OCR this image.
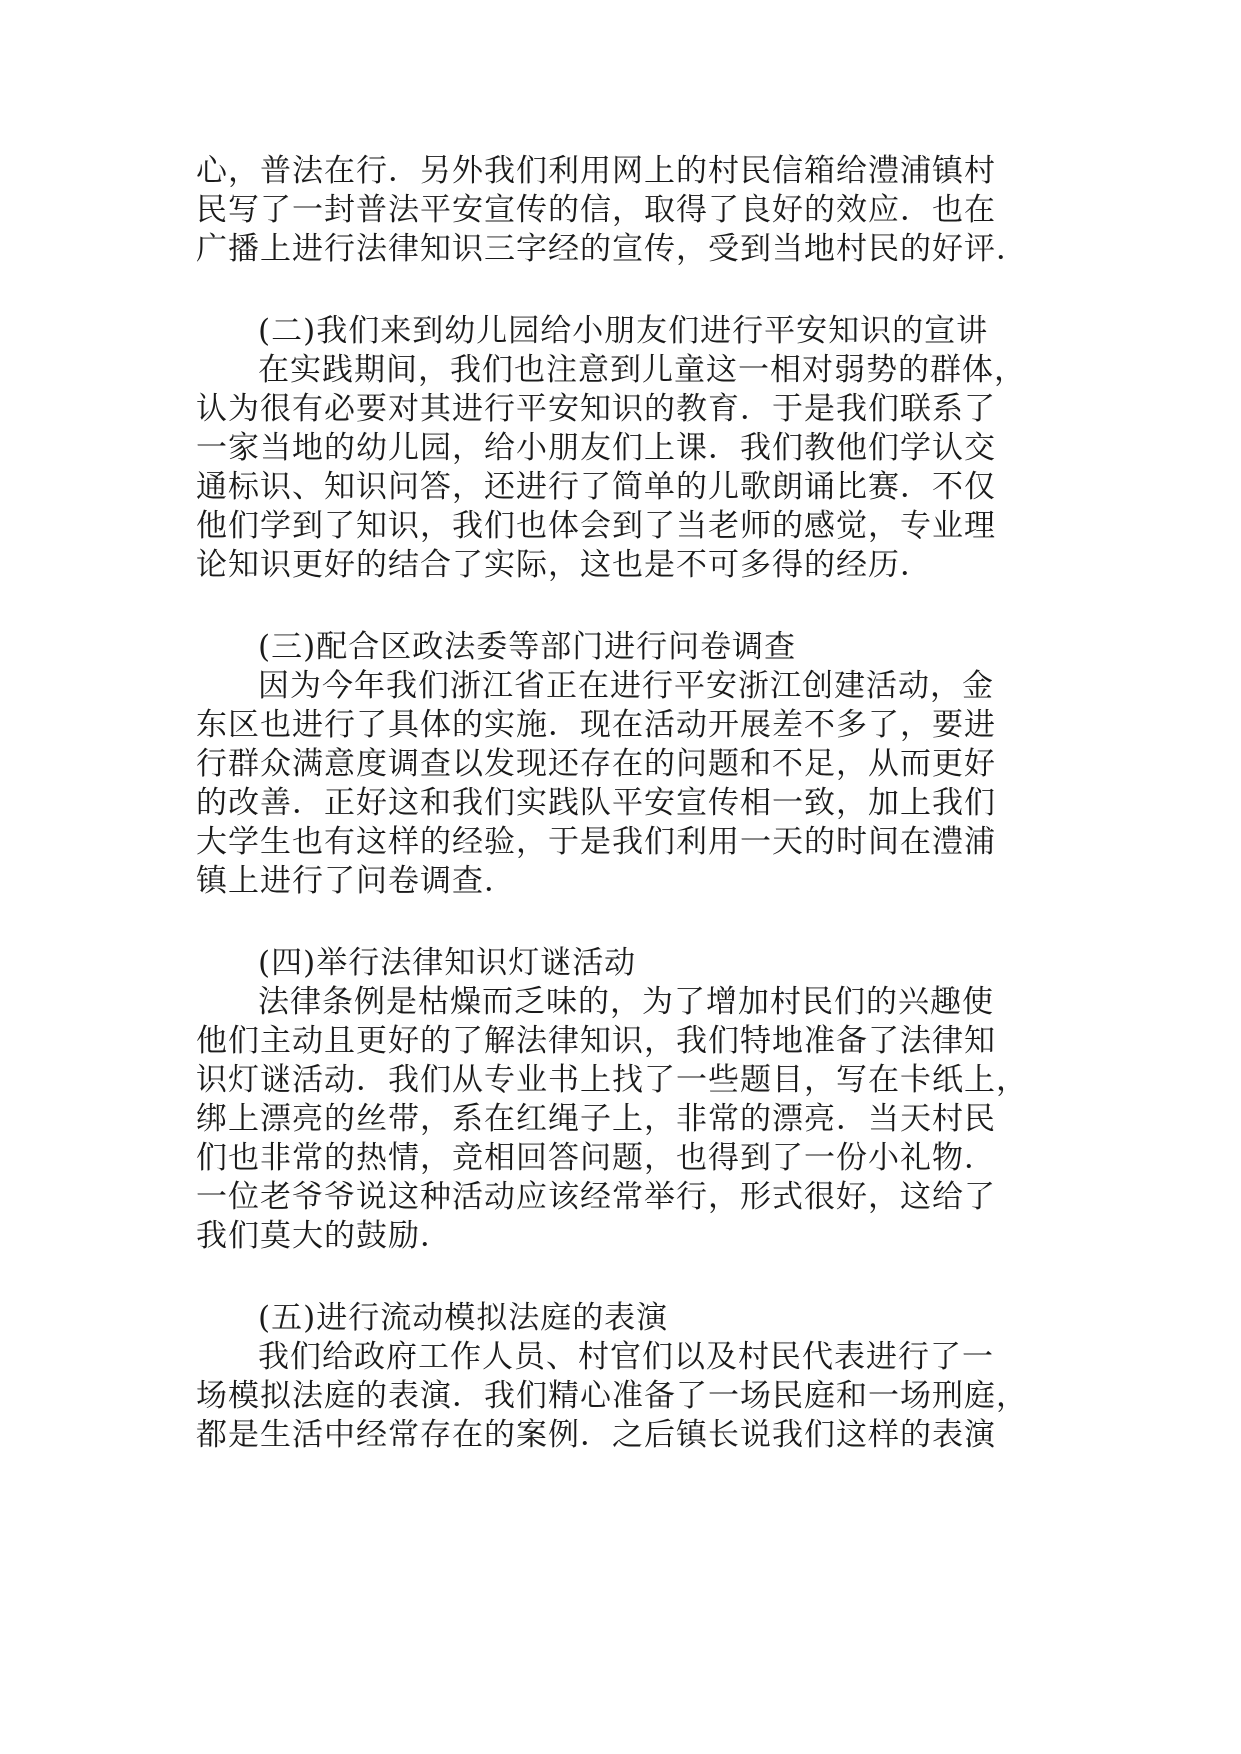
心，普法在行．另外我们利用网上的村民信箱给澧浦镇村
民写了一封普法平安宣传的信，取得了良好的效应．也在
广播上进行法律知识三字经的宣传，受到当地村民的好评．
(二)我们来到幼儿园给小朋友们进行平安知识的宣讲
在实践期间，我们也注意到儿童这一相对弱势的群体，
认为很有必要对其进行平安知识的教育．于是我们联系了
一家当地的幼儿园，给小朋友们上课．我们教他们学认交
通标识、知识问答，还进行了简单的儿歌朗诵比赛．不仅
他们学到了知识，我们也体会到了当老师的感觉，专业理
论知识更好的结合了实际，这也是不可多得的经历．
(三)配合区政法委等部门进行问卷调查
因为今年我们浙江省正在进行平安浙江创建活动，金
东区也进行了具体的实施．现在活动开展差不多了，要进
行群众满意度调查以发现还存在的问题和不足，从而更好
的改善．正好这和我们实践队平安宣传相一致，加上我们
大学生也有这样的经验，于是我们利用一天的时间在澧浦
镇上进行了问卷调查．
(四)举行法律知识灯谜活动
法律条例是枯燥而乏味的，为了增加村民们的兴趣使
他们主动且更好的了解法律知识，我们特地准备了法律知
识灯谜活动．我们从专业书上找了一些题目，写在卡纸上，
绑上漂亮的丝带，系在红绳子上，非常的漂亮．当天村民
们也非常的热情，竞相回答问题，也得到了一份小礼物．
一位老爷爷说这种活动应该经常举行，形式很好，这给了
我们莫大的鼓励．
(五)进行流动模拟法庭的表演
我们给政府工作人员、村官们以及村民代表进行了一
场模拟法庭的表演．我们精心准备了一场民庭和一场刑庭，
都是生活中经常存在的案例．之后镇长说我们这样的表演
